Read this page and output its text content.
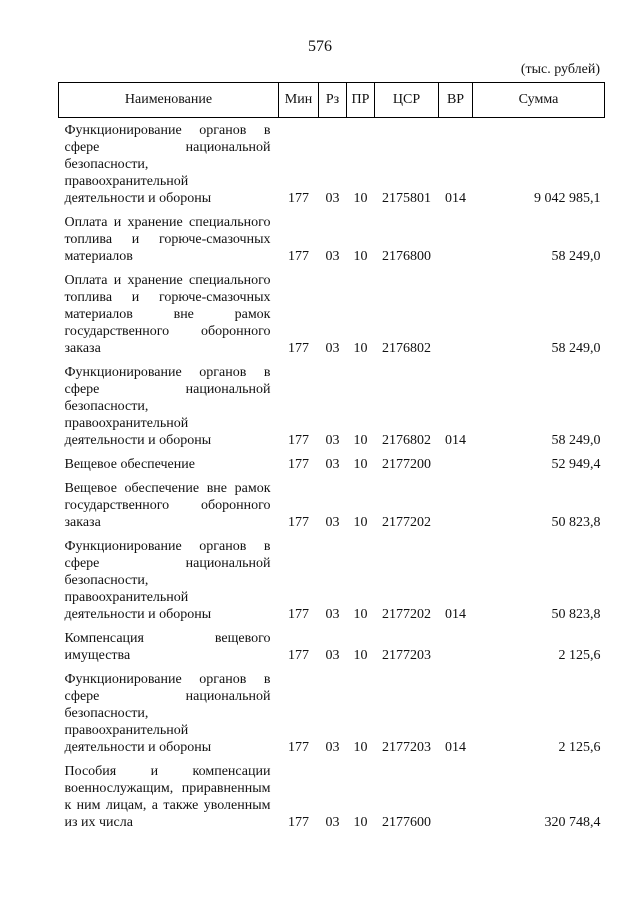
576
(тыс. рублей)
Наименование	Мин	Рз	ПР	ЦСР	ВР	Сумма
Функционирование органов в сфере национальной безопасности, правоохранительной деятельности и обороны	177	03	10	2175801	014	9 042 985,1
Оплата и хранение специального топлива и горюче-смазочных материалов	177	03	10	2176800		58 249,0
Оплата и хранение специального топлива и горюче-смазочных материалов вне рамок государственного оборонного заказа	177	03	10	2176802		58 249,0
Функционирование органов в сфере национальной безопасности, правоохранительной деятельности и обороны	177	03	10	2176802	014	58 249,0
Вещевое обеспечение	177	03	10	2177200		52 949,4
Вещевое обеспечение вне рамок государственного оборонного заказа	177	03	10	2177202		50 823,8
Функционирование органов в сфере национальной безопасности, правоохранительной деятельности и обороны	177	03	10	2177202	014	50 823,8
Компенсация вещевого имущества	177	03	10	2177203		2 125,6
Функционирование органов в сфере национальной безопасности, правоохранительной деятельности и обороны	177	03	10	2177203	014	2 125,6
Пособия и компенсации военнослужащим, приравненным к ним лицам, а также уволенным из их числа	177	03	10	2177600		320 748,4
